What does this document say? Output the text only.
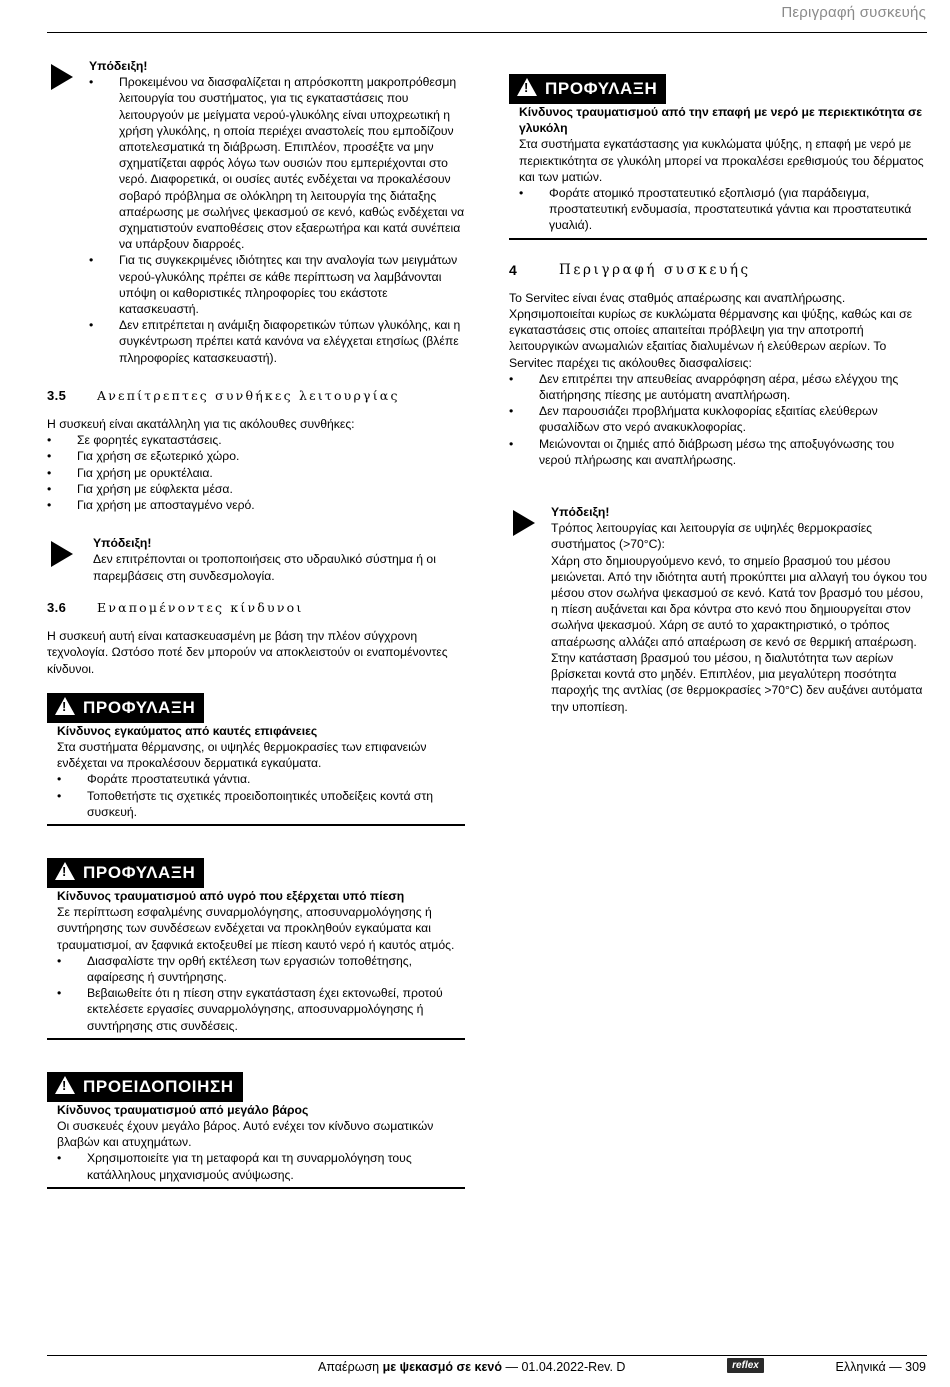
Περιγραφή συσκευής
Υπόδειξη!
• Προκειμένου να διασφαλίζεται η απρόσκοπτη μακροπρόθεσμη λειτουργία του συστήματος, για τις εγκαταστάσεις που λειτουργούν με μείγματα νερού-γλυκόλης είναι υποχρεωτική η χρήση γλυκόλης, η οποία περιέχει αναστολείς που εμποδίζουν αποτελεσματικά τη διάβρωση. Επιπλέον, προσέξτε να μην σχηματίζεται αφρός λόγω των ουσιών που εμπεριέχονται στο νερό. Διαφορετικά, οι ουσίες αυτές ενδέχεται να προκαλέσουν σοβαρό πρόβλημα σε ολόκληρη τη λειτουργία της διάταξης απαέρωσης με σωλήνες ψεκασμού σε κενό, καθώς ενδέχεται να σχηματιστούν εναποθέσεις στον εξαερωτήρα και κατά συνέπεια να υπάρξουν διαρροές.
• Για τις συγκεκριμένες ιδιότητες και την αναλογία των μειγμάτων νερού-γλυκόλης πρέπει σε κάθε περίπτωση να λαμβάνονται υπόψη οι καθοριστικές πληροφορίες του εκάστοτε κατασκευαστή.
• Δεν επιτρέπεται η ανάμιξη διαφορετικών τύπων γλυκόλης, και η συγκέντρωση πρέπει κατά κανόνα να ελέγχεται ετησίως (βλέπε πληροφορίες κατασκευαστή).
3.5	Ανεπίτρεπτες συνθήκες λειτουργίας

Η συσκευή είναι ακατάλληλη για τις ακόλουθες συνθήκες:

• Σε φορητές εγκαταστάσεις.
• Για χρήση σε εξωτερικό χώρο.
• Για χρήση με ορυκτέλαια.
• Για χρήση με εύφλεκτα μέσα.
• Για χρήση με αποσταγμένο νερό.
Υπόδειξη!

Δεν επιτρέπονται οι τροποποιήσεις στο υδραυλικό σύστημα ή οι παρεμβάσεις στη συνδεσμολογία.

3.6	Εναπομένοντες κίνδυνοι

Η συσκευή αυτή είναι κατασκευασμένη με βάση την πλέον σύγχρονη τεχνολογία. Ωστόσο ποτέ δεν μπορούν να αποκλειστούν οι εναπομένοντες κίνδυνοι.

!
ΠΡΟΦΥΛΑΞΗ
Κίνδυνος εγκαύματος από καυτές επιφάνειες

Στα συστήματα θέρμανσης, οι υψηλές θερμοκρασίες των επιφανειών ενδέχεται να προκαλέσουν δερματικά εγκαύματα.

• Φοράτε προστατευτικά γάντια.
• Τοποθετήστε τις σχετικές προειδοποιητικές υποδείξεις κοντά στη συσκευή.
!
ΠΡΟΦΥΛΑΞΗ
Κίνδυνος τραυματισμού από υγρό που εξέρχεται υπό πίεση

Σε περίπτωση εσφαλμένης συναρμολόγησης, αποσυναρμολόγησης ή συντήρησης των συνδέσεων ενδέχεται να προκληθούν εγκαύματα και τραυματισμοί, αν ξαφνικά εκτοξευθεί με πίεση καυτό νερό ή καυτός ατμός.

• Διασφαλίστε την ορθή εκτέλεση των εργασιών τοποθέτησης, αφαίρεσης ή συντήρησης.
• Βεβαιωθείτε ότι η πίεση στην εγκατάσταση έχει εκτονωθεί, προτού εκτελέσετε εργασίες συναρμολόγησης, αποσυναρμολόγησης ή συντήρησης στις συνδέσεις.
!
ΠΡΟΕΙΔΟΠΟΙΗΣΗ
Κίνδυνος τραυματισμού από μεγάλο βάρος

Οι συσκευές έχουν μεγάλο βάρος. Αυτό ενέχει τον κίνδυνο σωματικών βλαβών και ατυχημάτων.

• Χρησιμοποιείτε για τη μεταφορά και τη συναρμολόγηση τους κατάλληλους μηχανισμούς ανύψωσης.
!
ΠΡΟΦΥΛΑΞΗ
Κίνδυνος τραυματισμού από την επαφή με νερό με περιεκτικότητα σε γλυκόλη

Στα συστήματα εγκατάστασης για κυκλώματα ψύξης, η επαφή με νερό με περιεκτικότητα σε γλυκόλη μπορεί να προκαλέσει ερεθισμούς του δέρματος και των ματιών.

• Φοράτε ατομικό προστατευτικό εξοπλισμό (για παράδειγμα, προστατευτική ενδυμασία, προστατευτικά γάντια και προστατευτικά γυαλιά).
4	Περιγραφή συσκευής

Το Servitec είναι ένας σταθμός απαέρωσης και αναπλήρωσης. Χρησιμοποιείται κυρίως σε κυκλώματα θέρμανσης και ψύξης, καθώς και σε εγκαταστάσεις στις οποίες απαιτείται πρόβλεψη για την αποτροπή λειτουργικών ανωμαλιών εξαιτίας διαλυμένων ή ελεύθερων αερίων. Το Servitec παρέχει τις ακόλουθες διασφαλίσεις:

• Δεν επιτρέπει την απευθείας αναρρόφηση αέρα, μέσω ελέγχου της διατήρησης πίεσης με αυτόματη αναπλήρωση.
• Δεν παρουσιάζει προβλήματα κυκλοφορίας εξαιτίας ελεύθερων φυσαλίδων στο νερό ανακυκλοφορίας.
• Μειώνονται οι ζημιές από διάβρωση μέσω της αποξυγόνωσης του νερού πλήρωσης και αναπλήρωσης.
Υπόδειξη!

Τρόπος λειτουργίας και λειτουργία σε υψηλές θερμοκρασίες συστήματος (>70°C):

Χάρη στο δημιουργούμενο κενό, το σημείο βρασμού του μέσου μειώνεται. Από την ιδιότητα αυτή προκύπτει μια αλλαγή του όγκου του μέσου στον σωλήνα ψεκασμού σε κενό. Κατά τον βρασμό του μέσου, η πίεση αυξάνεται και δρα κόντρα στο κενό που δημιουργείται στον σωλήνα ψεκασμού. Χάρη σε αυτό το χαρακτηριστικό, ο τρόπος απαέρωσης αλλάζει από απαέρωση σε κενό σε θερμική απαέρωση. Στην κατάσταση βρασμού του μέσου, η διαλυτότητα των αερίων βρίσκεται κοντά στο μηδέν. Επιπλέον, μια μεγαλύτερη ποσότητα παροχής της αντλίας (σε θερμοκρασίες >70°C) δεν αυξάνει αυτόματα την υποπίεση.

Απαέρωση με ψεκασμό σε κενό — 01.04.2022-Rev. D	reflex	Ελληνικά — 309
